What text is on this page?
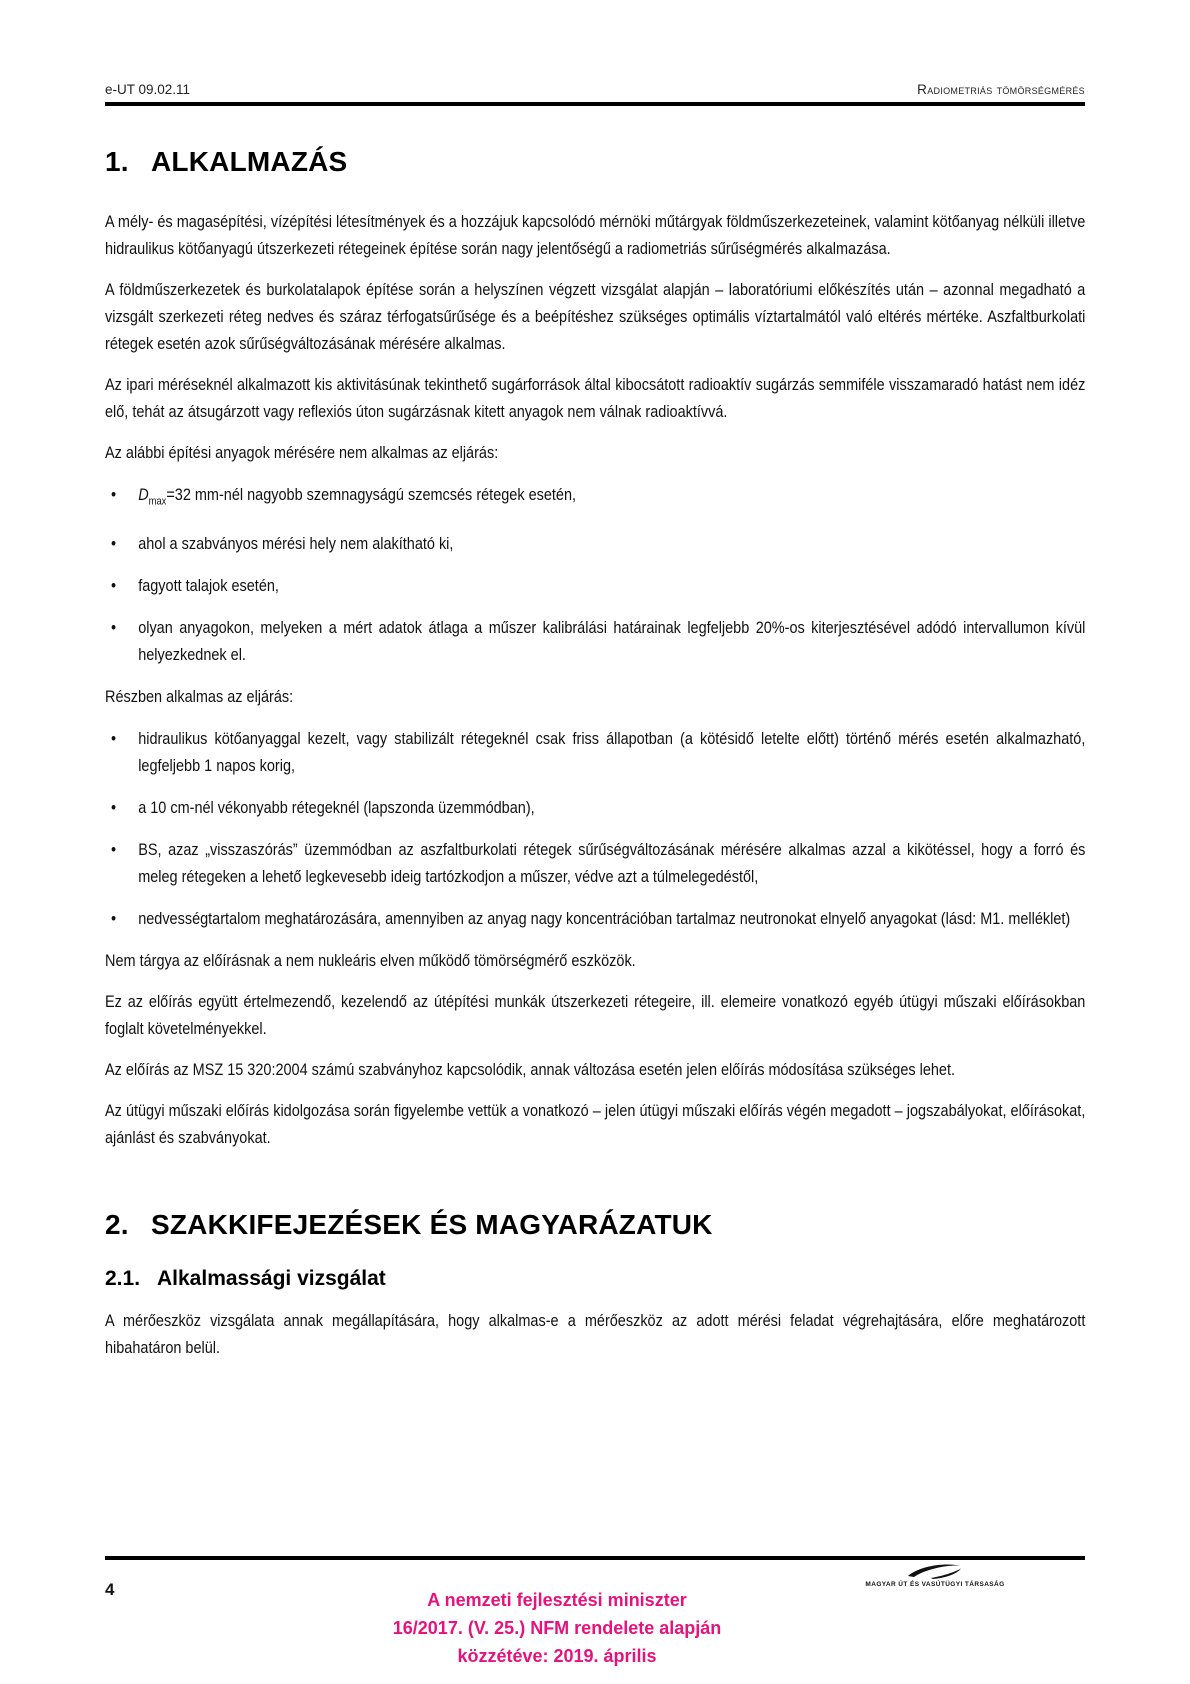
e-UT 09.02.11	Radiometriás tömörségmérés
1. ALKALMAZÁS

A mély- és magasépítési, vízépítési létesítmények és a hozzájuk kapcsolódó mérnöki műtárgyak földműszerkezeteinek, valamint kötőanyag nélküli illetve hidraulikus kötőanyagú útszerkezeti rétegeinek építése során nagy jelentőségű a radiometriás sűrűségmérés alkalmazása.

A földműszerkezetek és burkolatalapok építése során a helyszínen végzett vizsgálat alapján – laboratóriumi előkészítés után – azonnal megadható a vizsgált szerkezeti réteg nedves és száraz térfogatsűrűsége és a beépítéshez szükséges optimális víztartalmától való eltérés mértéke. Aszfaltburkolati rétegek esetén azok sűrűségváltozásának mérésére alkalmas.

Az ipari méréseknél alkalmazott kis aktivitásúnak tekinthető sugárforrások által kibocsátott radioaktív sugárzás semmiféle visszamaradó hatást nem idéz elő, tehát az átsugárzott vagy reflexiós úton sugárzásnak kitett anyagok nem válnak radioaktívvá.

Az alábbi építési anyagok mérésére nem alkalmas az eljárás:

• $D_{max}=32$ mm-nél nagyobb szemnagyságú szemcsés rétegek esetén,
• ahol a szabványos mérési hely nem alakítható ki,
• fagyott talajok esetén,
• olyan anyagokon, melyeken a mért adatok átlaga a műszer kalibrálási határainak legfeljebb 20%-os kiterjesztésével adódó intervallumon kívül helyezkednek el.

Részben alkalmas az eljárás:

• hidraulikus kötőanyaggal kezelt, vagy stabilizált rétegeknél csak friss állapotban (a kötésidő letelte előtt) történő mérés esetén alkalmazható, legfeljebb 1 napos korig,
• a 10 cm-nél vékonyabb rétegeknél (lapszonda üzemmódban),
• BS, azaz „visszaszórás” üzemmódban az aszfaltburkolati rétegek sűrűségváltozásának mérésére alkalmas azzal a kikötéssel, hogy a forró és meleg rétegeken a lehető legkevesebb ideig tartózkodjon a műszer, védve azt a túlmelegedéstől,
• nedvességtartalom meghatározására, amennyiben az anyag nagy koncentrációban tartalmaz neutronokat elnyelő anyagokat (lásd: M1. melléklet)

Nem tárgya az előírásnak a nem nukleáris elven működő tömörségmérő eszközök.

Ez az előírás együtt értelmezendő, kezelendő az útépítési munkák útszerkezeti rétegeire, ill. elemeire vonatkozó egyéb útügyi műszaki előírásokban foglalt követelményekkel.

Az előírás az MSZ 15 320:2004 számú szabványhoz kapcsolódik, annak változása esetén jelen előírás módosítása szükséges lehet.

Az útügyi műszaki előírás kidolgozása során figyelembe vettük a vonatkozó – jelen útügyi műszaki előírás végén megadott – jogszabályokat, előírásokat, ajánlást és szabványokat.

2. SZAKKIFEJEZÉSEK ÉS MAGYARÁZATUK
2.1. Alkalmassági vizsgálat

A mérőeszköz vizsgálata annak megállapítására, hogy alkalmas-e a mérőeszköz az adott mérési feladat végrehajtására, előre meghatározott hibahatáron belül.

4
A nemzeti fejlesztési miniszter
16/2017. (V. 25.) NFM rendelete alapján
közzétéve: 2019. április
MAGYAR ÚT ÉS VASÚTÜGYI TÁRSASÁG
